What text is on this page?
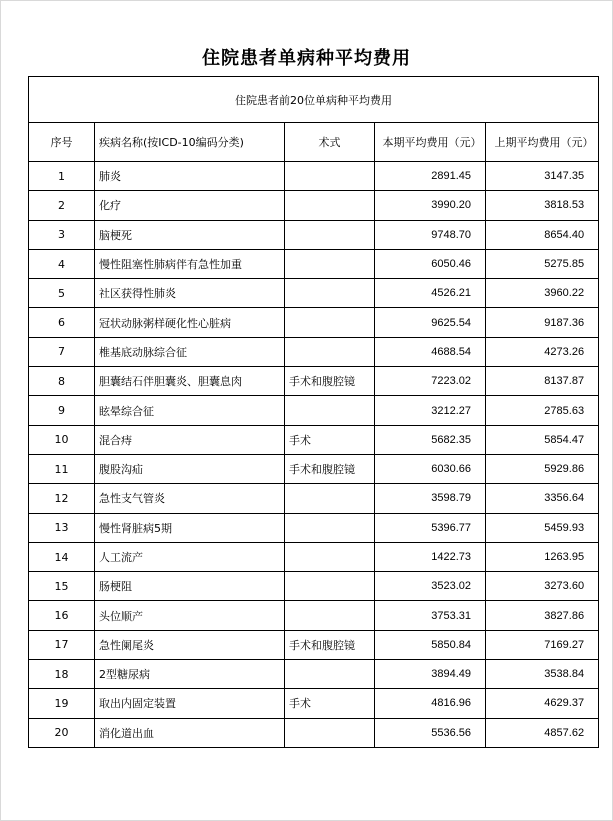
住院患者单病种平均费用
住院患者前20位单病种平均费用				
序号	疾病名称(按ICD-10编码分类)	术式	本期平均费用（元）	上期平均费用（元）
1	肺炎		2891.45	3147.35
2	化疗		3990.20	3818.53
3	脑梗死		9748.70	8654.40
4	慢性阻塞性肺病伴有急性加重		6050.46	5275.85
5	社区获得性肺炎		4526.21	3960.22
6	冠状动脉粥样硬化性心脏病		9625.54	9187.36
7	椎基底动脉综合征		4688.54	4273.26
8	胆囊结石伴胆囊炎、胆囊息肉	手术和腹腔镜	7223.02	8137.87
9	眩晕综合征		3212.27	2785.63
10	混合痔	手术	5682.35	5854.47
11	腹股沟疝	手术和腹腔镜	6030.66	5929.86
12	急性支气管炎		3598.79	3356.64
13	慢性肾脏病5期		5396.77	5459.93
14	人工流产		1422.73	1263.95
15	肠梗阻		3523.02	3273.60
16	头位顺产		3753.31	3827.86
17	急性阑尾炎	手术和腹腔镜	5850.84	7169.27
18	2型糖尿病		3894.49	3538.84
19	取出内固定装置	手术	4816.96	4629.37
20	消化道出血		5536.56	4857.62
